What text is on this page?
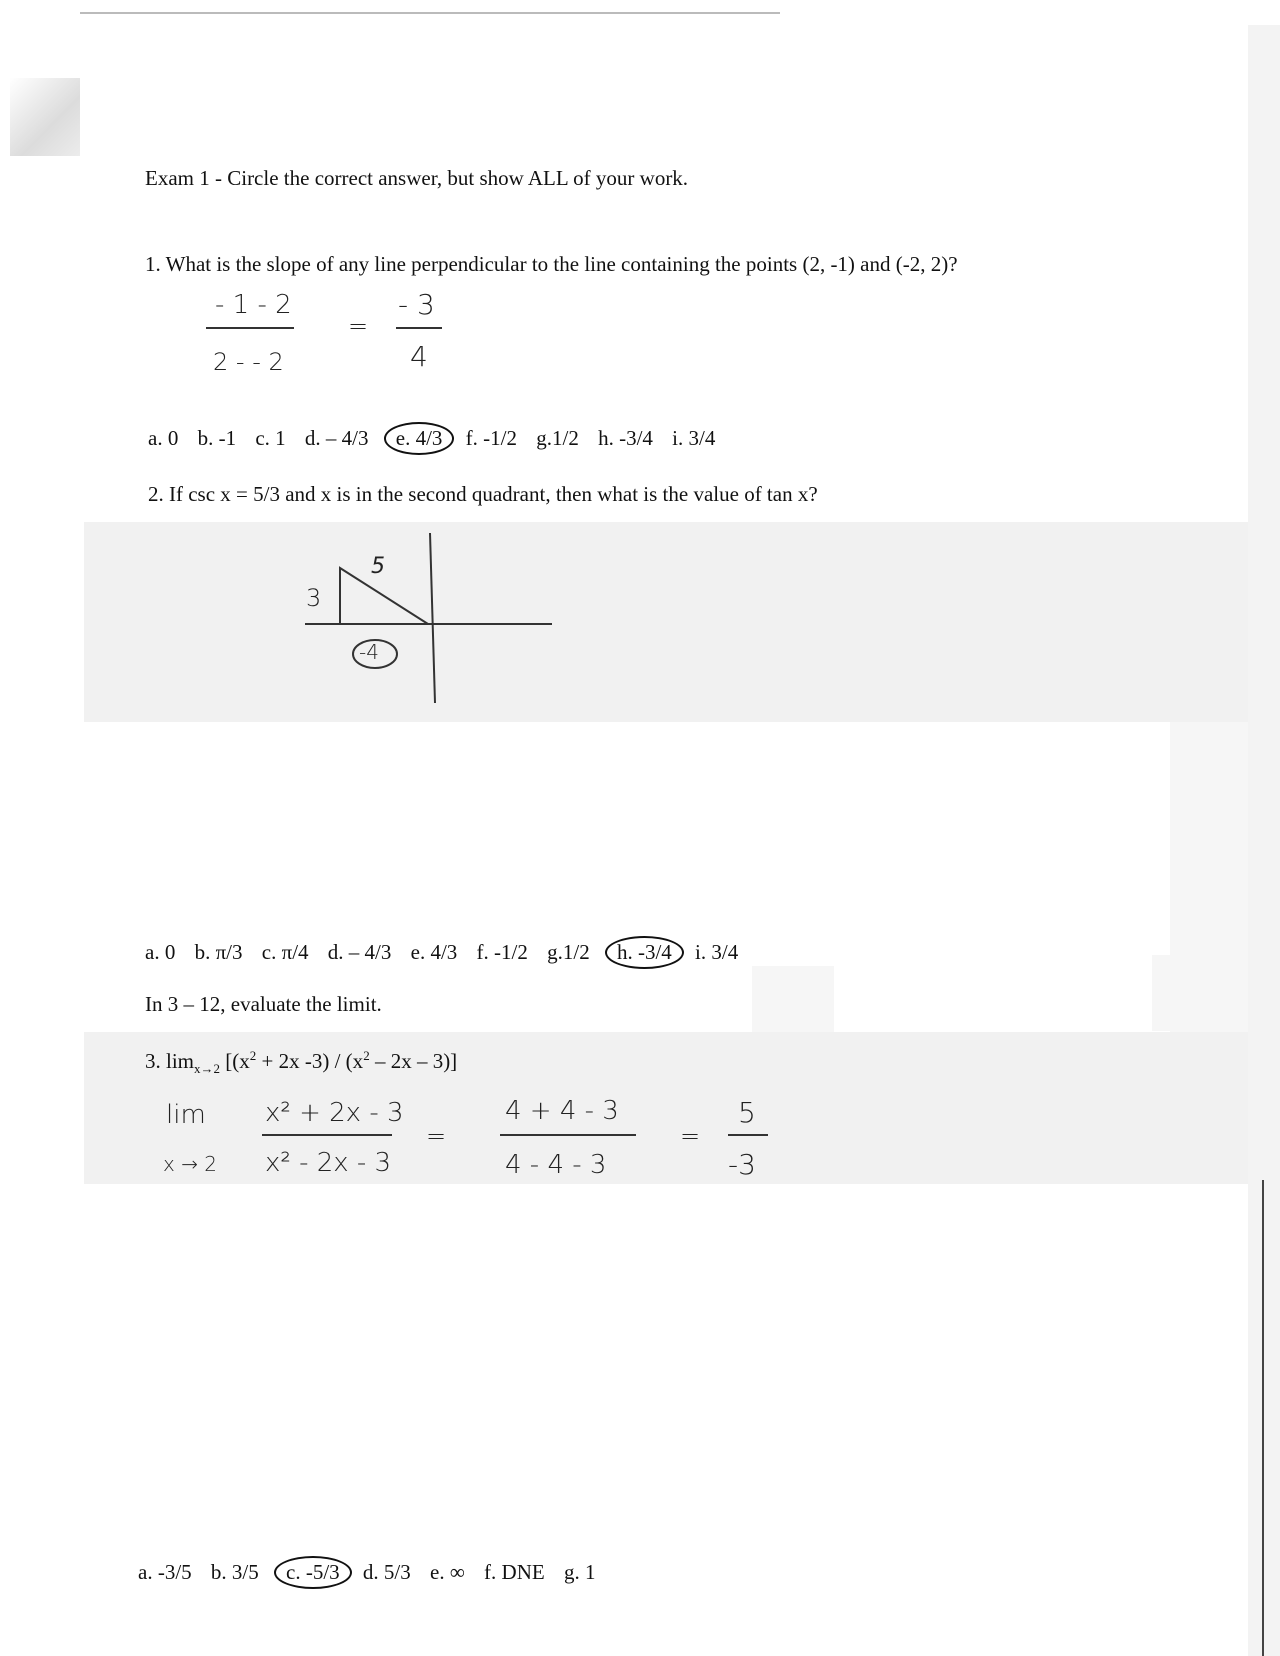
Exam 1 - Circle the correct answer, but show ALL of your work.
1. What is the slope of any line perpendicular to the line containing the points (2, -1) and (-2, 2)?
- 1 - 2
2 - - 2
=
- 3
4
a. 0 b. -1 c. 1 d. – 4/3 e. 4/3 f. -1/2 g.1/2 h. -3/4 i. 3/4
2. If csc x = 5/3 and x is in the second quadrant, then what is the value of tan x?
5
3
-4
a. 0 b. π/3 c. π/4 d. – 4/3 e. 4/3 f. -1/2 g.1/2 h. -3/4 i. 3/4
In 3 – 12, evaluate the limit.
3. $\lim_{x\to 2} [(x^2 + 2x$ $-3) / (x^2 - 2x - 3)$]
lim
x → 2
x² + 2x - 3
x² - 2x - 3
=
4 + 4 - 3
4 - 4 - 3
=
5
-3
a. -3/5 b. 3/5 c. -5/3 d. 5/3 e. ∞ f. DNE g. 1
